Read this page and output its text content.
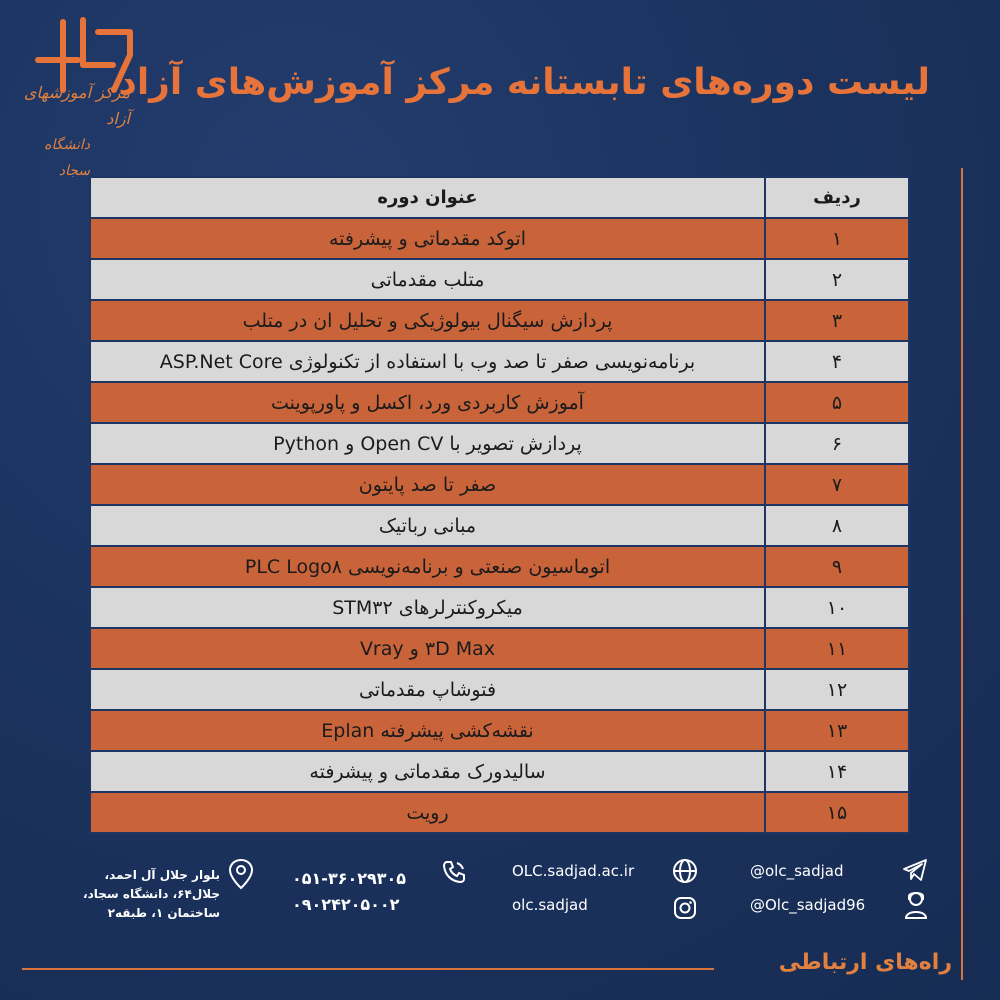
مرکز آموزشهای آزاد
دانشگاه سجاد
لیست دوره‌های تابستانه مرکز آموزش‌های آزاد
ردیف	عنوان دوره
۱	اتوکد مقدماتی و پیشرفته
۲	متلب مقدماتی
۳	پردازش سیگنال بیولوژیکی و تحلیل ان در متلب
۴	برنامه‌نویسی صفر تا صد وب با استفاده از تکنولوژی ASP.Net Core
۵	آموزش کاربردی ورد، اکسل و پاورپوینت
۶	پردازش تصویر با Open CV و Python
۷	صفر تا صد پایتون
۸	مبانی رباتیک
۹	اتوماسیون صنعتی و برنامه‌نویسی PLC Logo۸
۱۰	میکروکنترلرهای STM۳۲
۱۱	۳D Max و Vray
۱۲	فتوشاپ مقدماتی
۱۳	نقشه‌کشی پیشرفته Eplan
۱۴	سالیدورک مقدماتی و پیشرفته
۱۵	رویت
راه‌های ارتباطی
بلوار جلال آل احمد،
جلال۶۴، دانشگاه سجاد،
ساختمان ۱، طبقه۲
۰۵۱-۳۶۰۲۹۳۰۵
۰۹۰۲۴۲۰۵۰۰۲
OLC.sadjad.ac.ir
olc.sadjad
@olc_sadjad
@Olc_sadjad96
